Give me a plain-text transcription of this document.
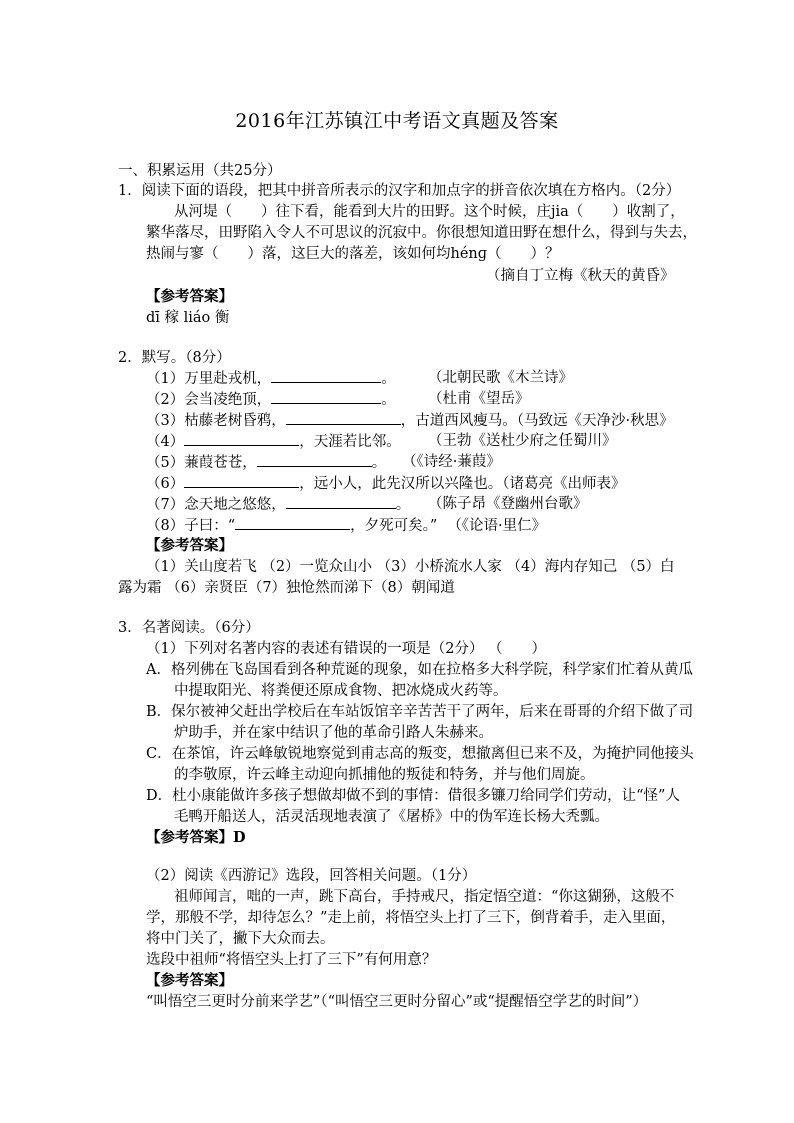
2016年江苏镇江中考语文真题及答案
一、积累运用（共25分）
1．阅读下面的语段，把其中拼音所表示的汉字和加点字的拼音依次填在方格内。（2分）
从河堤（　　）往下看，能看到大片的田野。这个时候，庄jia（　　）收割了，
繁华落尽，田野陷入令人不可思议的沉寂中。你很想知道田野在想什么，得到与失去，
热闹与寥（　　）落，这巨大的落差，该如何均hénɡ（　　）？
（摘自丁立梅《秋天的黄昏》
【参考答案】
dī 稼 liáo 衡
2．默写。（8分）
（1）万里赴戎机，	。 （北朝民歌《木兰诗》
（2）会当凌绝顶，	。 （杜甫《望岳》
（3）枯藤老树昏鸦，	，古道西风瘦马。（马致远《天净沙·秋思》
（4）	，天涯若比邻。 （王勃《送杜少府之任蜀川》
（5）蒹葭苍苍，	。 （《诗经·蒹葭》
（6）	，远小人，此先汉所以兴隆也。（诸葛亮《出师表》
（7）念天地之悠悠，	。 （陈子昂《登幽州台歌》
（8）子曰：“	，夕死可矣。” （《论语·里仁》
【参考答案】
（1）关山度若飞 （2）一览众山小 （3）小桥流水人家 （4）海内存知己 （5）白
露为霜 （6）亲贤臣（7）独怆然而涕下（8）朝闻道
3．名著阅读。（6分）
（1）下列对名著内容的表述有错误的一项是（2分） （　　）
A．格列佛在飞岛国看到各种荒诞的现象，如在拉格多大科学院，科学家们忙着从黄瓜
中提取阳光、将粪便还原成食物、把冰烧成火药等。
B．保尔被神父赶出学校后在车站饭馆辛辛苦苦干了两年，后来在哥哥的介绍下做了司
炉助手，并在家中结识了他的革命引路人朱赫来。
C．在茶馆，许云峰敏锐地察觉到甫志高的叛变，想撤离但已来不及，为掩护同他接头
的李敬原，许云峰主动迎向抓捕他的叛徒和特务，并与他们周旋。
D．杜小康能做许多孩子想做却做不到的事情：借很多镰刀给同学们劳动，让“怪”人
毛鸭开船送人，活灵活现地表演了《屠桥》中的伪军连长杨大秃瓢。
【参考答案】D
（2）阅读《西游记》选段，回答相关问题。（1分）
祖师闻言，咄的一声，跳下高台，手持戒尺，指定悟空道：“你这猢狲，这般不
学，那般不学，却待怎么？”走上前，将悟空头上打了三下，倒背着手，走入里面，
将中门关了，撇下大众而去。
选段中祖师“将悟空头上打了三下”有何用意？
【参考答案】
“叫悟空三更时分前来学艺”（“叫悟空三更时分留心”或“提醒悟空学艺的时间”）
